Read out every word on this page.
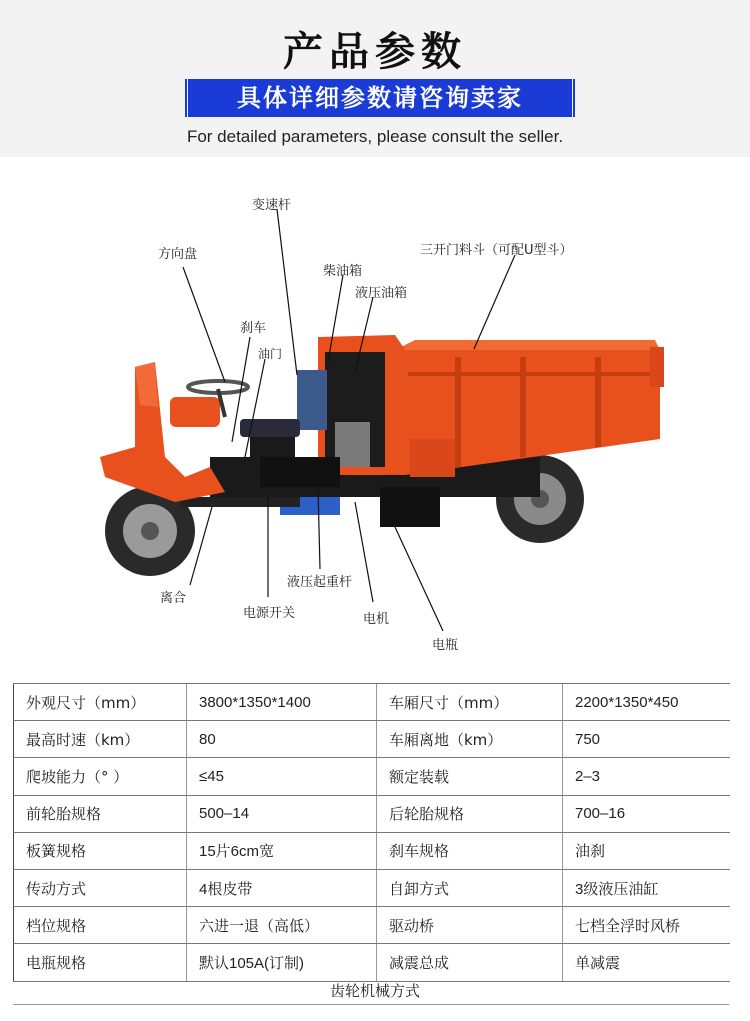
产品参数
具体详细参数请咨询卖家
For detailed parameters, please consult the seller.
变速杆
方向盘	三开门料斗（可配U型斗）
柴油箱
液压油箱
刹车
油门
离合
电源开关
液压起重杆
电机
电瓶
外观尺寸（mm）	3800*1350*1400	车厢尺寸（mm）	2200*1350*450
最高时速（km）	80	车厢离地（km）	750
爬坡能力（° ）	≤45	额定装载	2–3
前轮胎规格	500–14	后轮胎规格	700–16
板簧规格	15片6cm宽	刹车规格	油刹
传动方式	4根皮带	自卸方式	3级液压油缸
档位规格	六进一退（高低）	驱动桥	七档全浮时风桥
电瓶规格	默认105A(订制)	减震总成	单减震
齿轮机械方式
